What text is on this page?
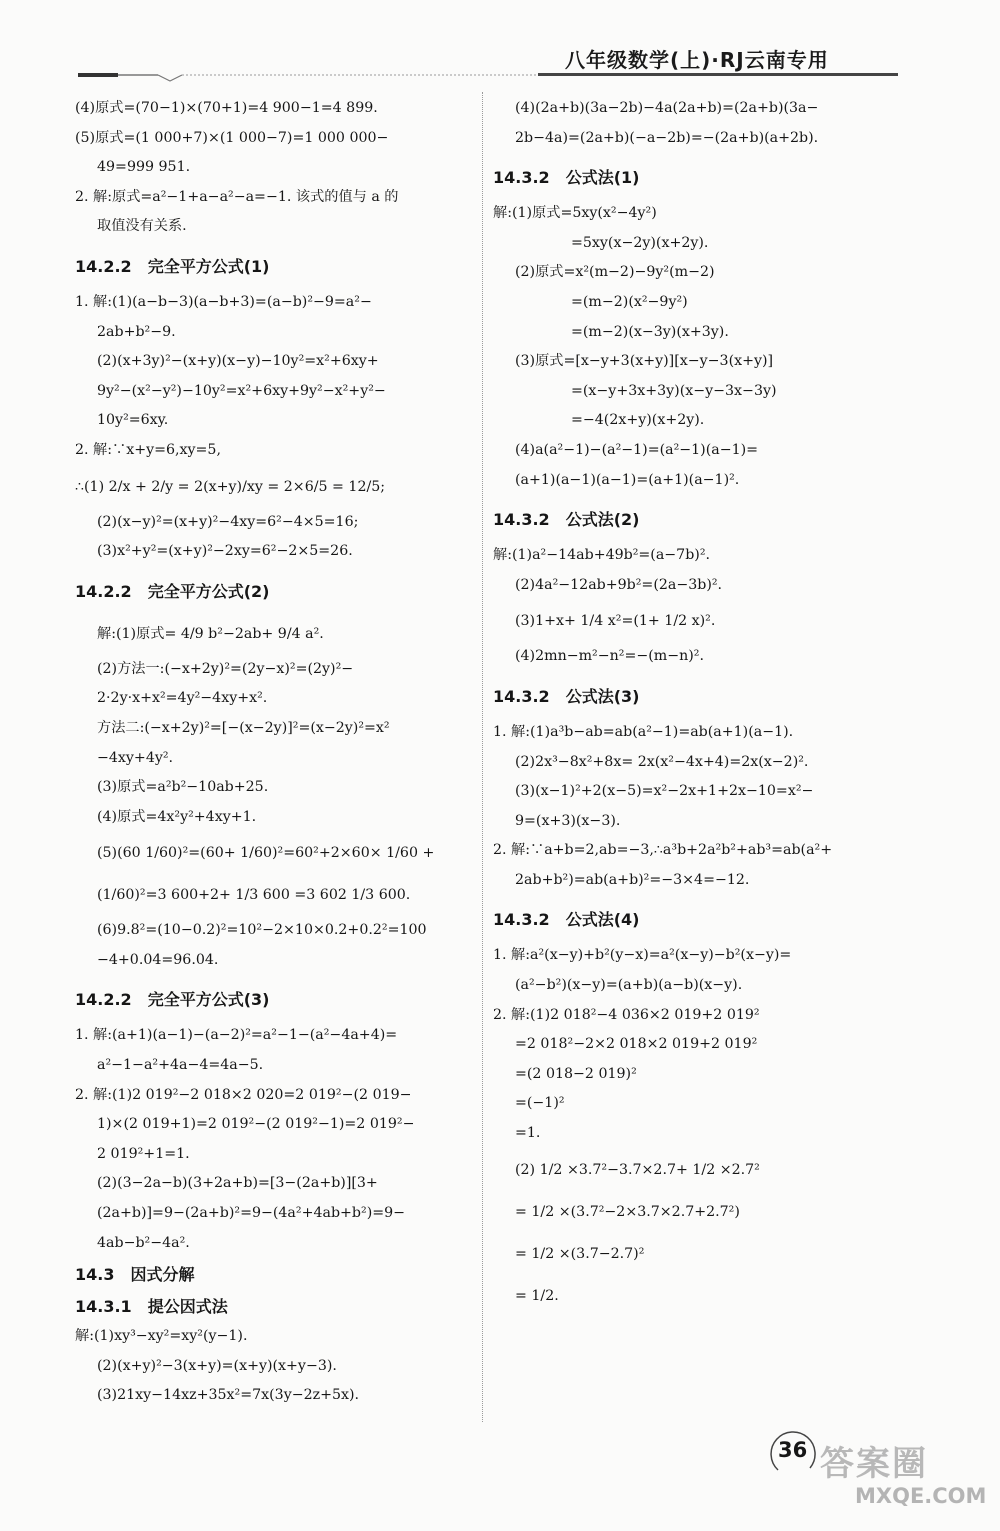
八年级数学(上)·RJ云南专用
(4)原式=(70−1)×(70+1)=4 900−1=4 899.
(5)原式=(1 000+7)×(1 000−7)=1 000 000−
49=999 951.
2. 解:原式=a²−1+a−a²−a=−1. 该式的值与 a 的
取值没有关系.
14.2.2　完全平方公式(1)
1. 解:(1)(a−b−3)(a−b+3)=(a−b)²−9=a²−
2ab+b²−9.
(2)(x+3y)²−(x+y)(x−y)−10y²=x²+6xy+
9y²−(x²−y²)−10y²=x²+6xy+9y²−x²+y²−
10y²=6xy.
2. 解:∵x+y=6,xy=5,
∴(1) 2/x + 2/y = 2(x+y)/xy = 2×6/5 = 12/5;
(2)(x−y)²=(x+y)²−4xy=6²−4×5=16;
(3)x²+y²=(x+y)²−2xy=6²−2×5=26.
14.2.2　完全平方公式(2)
解:(1)原式= 4/9 b²−2ab+ 9/4 a².
(2)方法一:(−x+2y)²=(2y−x)²=(2y)²−
2·2y·x+x²=4y²−4xy+x².
方法二:(−x+2y)²=[−(x−2y)]²=(x−2y)²=x²
−4xy+4y².
(3)原式=a²b²−10ab+25.
(4)原式=4x²y²+4xy+1.
(5)(60 1/60)²=(60+ 1/60)²=60²+2×60× 1/60 +
(1/60)²=3 600+2+ 1/3 600 =3 602 1/3 600.
(6)9.8²=(10−0.2)²=10²−2×10×0.2+0.2²=100
−4+0.04=96.04.
14.2.2　完全平方公式(3)
1. 解:(a+1)(a−1)−(a−2)²=a²−1−(a²−4a+4)=
a²−1−a²+4a−4=4a−5.
2. 解:(1)2 019²−2 018×2 020=2 019²−(2 019−
1)×(2 019+1)=2 019²−(2 019²−1)=2 019²−
2 019²+1=1.
(2)(3−2a−b)(3+2a+b)=[3−(2a+b)][3+
(2a+b)]=9−(2a+b)²=9−(4a²+4ab+b²)=9−
4ab−b²−4a².
14.3　因式分解
14.3.1　提公因式法
解:(1)xy³−xy²=xy²(y−1).
(2)(x+y)²−3(x+y)=(x+y)(x+y−3).
(3)21xy−14xz+35x²=7x(3y−2z+5x).
(4)(2a+b)(3a−2b)−4a(2a+b)=(2a+b)(3a−
2b−4a)=(2a+b)(−a−2b)=−(2a+b)(a+2b).
14.3.2　公式法(1)
解:(1)原式=5xy(x²−4y²)
=5xy(x−2y)(x+2y).
(2)原式=x²(m−2)−9y²(m−2)
=(m−2)(x²−9y²)
=(m−2)(x−3y)(x+3y).
(3)原式=[x−y+3(x+y)][x−y−3(x+y)]
=(x−y+3x+3y)(x−y−3x−3y)
=−4(2x+y)(x+2y).
(4)a(a²−1)−(a²−1)=(a²−1)(a−1)=
(a+1)(a−1)(a−1)=(a+1)(a−1)².
14.3.2　公式法(2)
解:(1)a²−14ab+49b²=(a−7b)².
(2)4a²−12ab+9b²=(2a−3b)².
(3)1+x+ 1/4 x²=(1+ 1/2 x)².
(4)2mn−m²−n²=−(m−n)².
14.3.2　公式法(3)
1. 解:(1)a³b−ab=ab(a²−1)=ab(a+1)(a−1).
(2)2x³−8x²+8x= 2x(x²−4x+4)=2x(x−2)².
(3)(x−1)²+2(x−5)=x²−2x+1+2x−10=x²−
9=(x+3)(x−3).
2. 解:∵a+b=2,ab=−3,∴a³b+2a²b²+ab³=ab(a²+
2ab+b²)=ab(a+b)²=−3×4=−12.
14.3.2　公式法(4)
1. 解:a²(x−y)+b²(y−x)=a²(x−y)−b²(x−y)=
(a²−b²)(x−y)=(a+b)(a−b)(x−y).
2. 解:(1)2 018²−4 036×2 019+2 019²
=2 018²−2×2 018×2 019+2 019²
=(2 018−2 019)²
=(−1)²
=1.
(2) 1/2 ×3.7²−3.7×2.7+ 1/2 ×2.7²
= 1/2 ×(3.7²−2×3.7×2.7+2.7²)
= 1/2 ×(3.7−2.7)²
= 1/2.
36 答案圈
MXQE.COM
